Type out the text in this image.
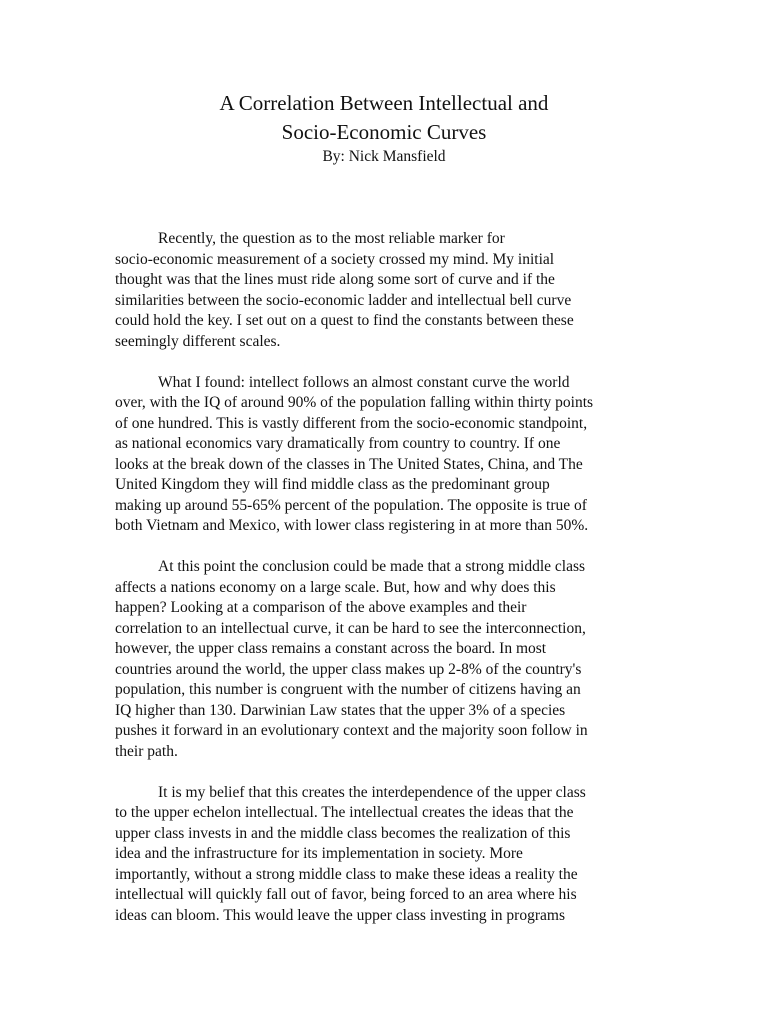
A Correlation Between Intellectual and
Socio-Economic Curves
By: Nick Mansfield
Recently, the question as to the most reliable marker for
socio-economic measurement of a society crossed my mind. My initial
thought was that the lines must ride along some sort of curve and if the
similarities between the socio-economic ladder and intellectual bell curve
could hold the key. I set out on a quest to find the constants between these
seemingly different scales.
What I found: intellect follows an almost constant curve the world
over, with the IQ of around 90% of the population falling within thirty points
of one hundred. This is vastly different from the socio-economic standpoint,
as national economics vary dramatically from country to country. If one
looks at the break down of the classes in The United States, China, and The
United Kingdom they will find middle class as the predominant group
making up around 55-65% percent of the population. The opposite is true of
both Vietnam and Mexico, with lower class registering in at more than 50%.
At this point the conclusion could be made that a strong middle class
affects a nations economy on a large scale. But, how and why does this
happen? Looking at a comparison of the above examples and their
correlation to an intellectual curve, it can be hard to see the interconnection,
however, the upper class remains a constant across the board. In most
countries around the world, the upper class makes up 2-8% of the country's
population, this number is congruent with the number of citizens having an
IQ higher than 130. Darwinian Law states that the upper 3% of a species
pushes it forward in an evolutionary context and the majority soon follow in
their path.
It is my belief that this creates the interdependence of the upper class
to the upper echelon intellectual. The intellectual creates the ideas that the
upper class invests in and the middle class becomes the realization of this
idea and the infrastructure for its implementation in society. More
importantly, without a strong middle class to make these ideas a reality the
intellectual will quickly fall out of favor, being forced to an area where his
ideas can bloom. This would leave the upper class investing in programs
